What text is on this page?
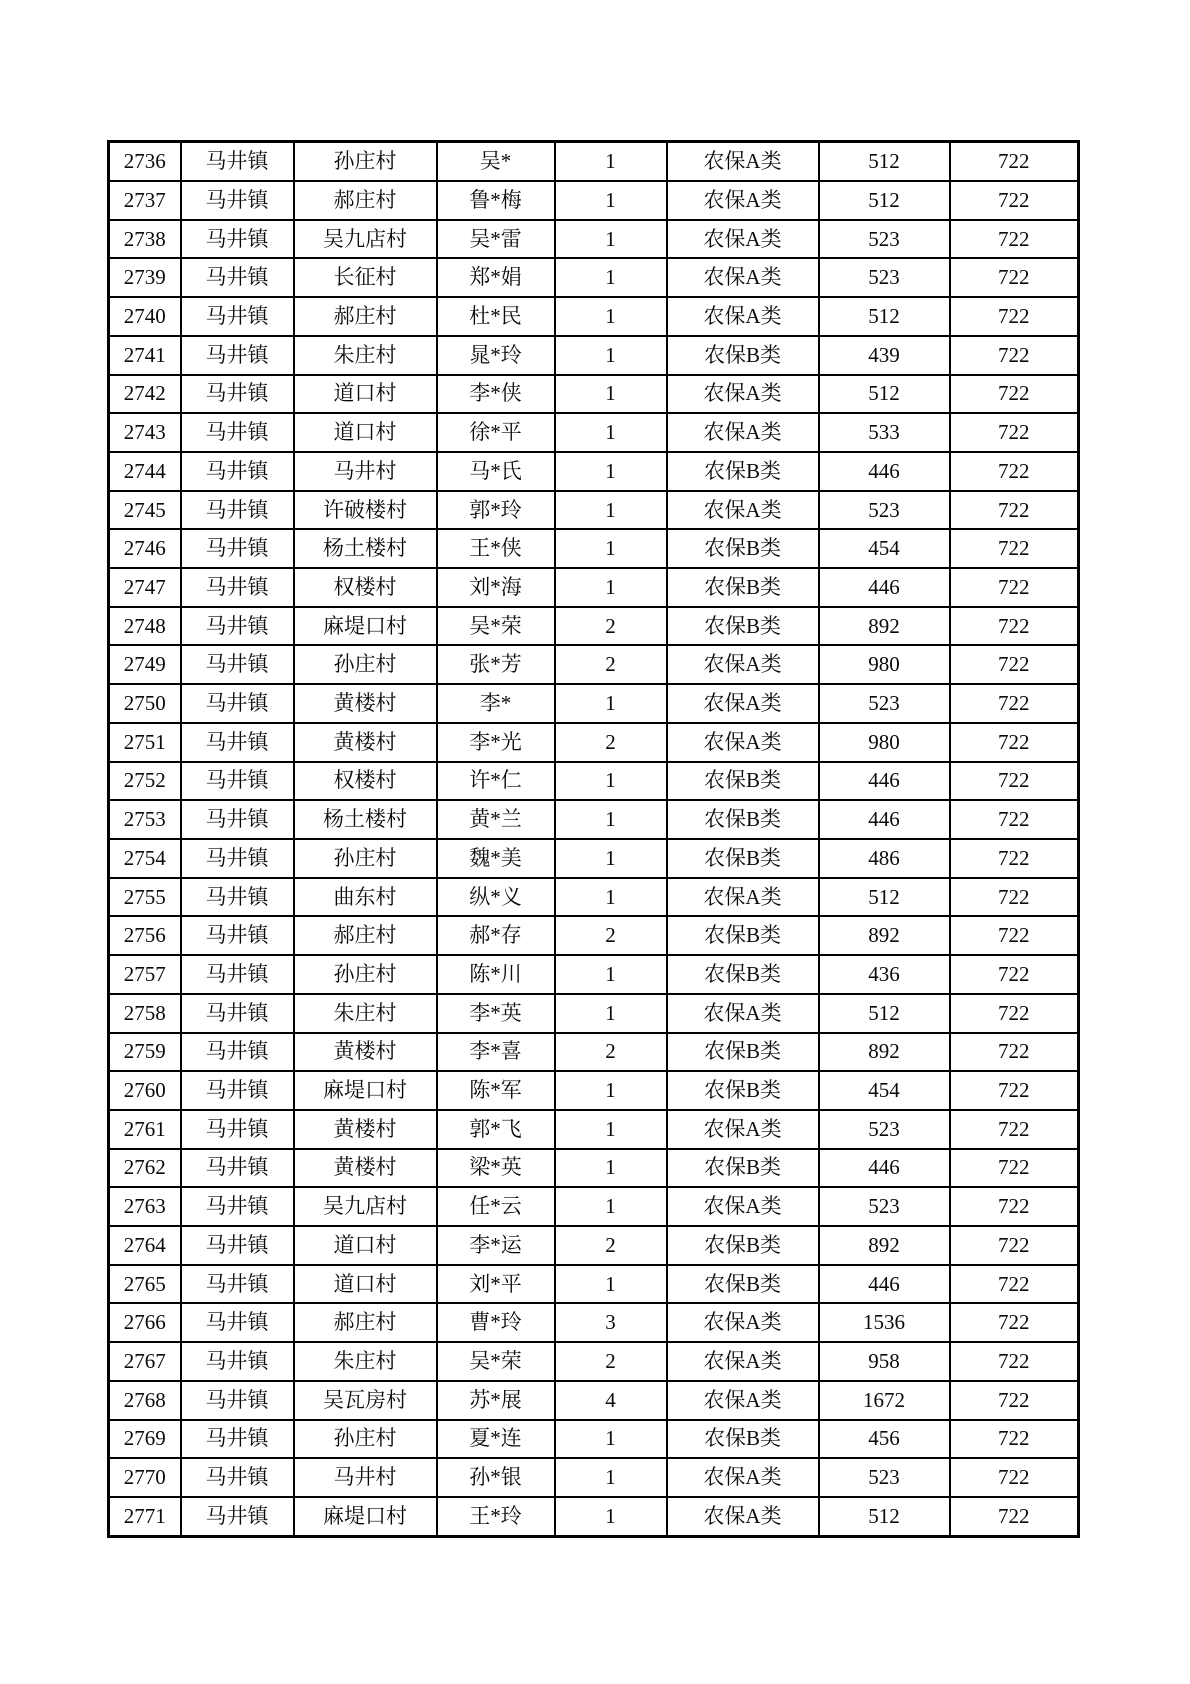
2736	马井镇	孙庄村	吴*	1	农保A类	512	722
2737	马井镇	郝庄村	鲁*梅	1	农保A类	512	722
2738	马井镇	吴九店村	吴*雷	1	农保A类	523	722
2739	马井镇	长征村	郑*娟	1	农保A类	523	722
2740	马井镇	郝庄村	杜*民	1	农保A类	512	722
2741	马井镇	朱庄村	晁*玲	1	农保B类	439	722
2742	马井镇	道口村	李*侠	1	农保A类	512	722
2743	马井镇	道口村	徐*平	1	农保A类	533	722
2744	马井镇	马井村	马*氏	1	农保B类	446	722
2745	马井镇	许破楼村	郭*玲	1	农保A类	523	722
2746	马井镇	杨土楼村	王*侠	1	农保B类	454	722
2747	马井镇	权楼村	刘*海	1	农保B类	446	722
2748	马井镇	麻堤口村	吴*荣	2	农保B类	892	722
2749	马井镇	孙庄村	张*芳	2	农保A类	980	722
2750	马井镇	黄楼村	李*	1	农保A类	523	722
2751	马井镇	黄楼村	李*光	2	农保A类	980	722
2752	马井镇	权楼村	许*仁	1	农保B类	446	722
2753	马井镇	杨土楼村	黄*兰	1	农保B类	446	722
2754	马井镇	孙庄村	魏*美	1	农保B类	486	722
2755	马井镇	曲东村	纵*义	1	农保A类	512	722
2756	马井镇	郝庄村	郝*存	2	农保B类	892	722
2757	马井镇	孙庄村	陈*川	1	农保B类	436	722
2758	马井镇	朱庄村	李*英	1	农保A类	512	722
2759	马井镇	黄楼村	李*喜	2	农保B类	892	722
2760	马井镇	麻堤口村	陈*军	1	农保B类	454	722
2761	马井镇	黄楼村	郭*飞	1	农保A类	523	722
2762	马井镇	黄楼村	梁*英	1	农保B类	446	722
2763	马井镇	吴九店村	任*云	1	农保A类	523	722
2764	马井镇	道口村	李*运	2	农保B类	892	722
2765	马井镇	道口村	刘*平	1	农保B类	446	722
2766	马井镇	郝庄村	曹*玲	3	农保A类	1536	722
2767	马井镇	朱庄村	吴*荣	2	农保A类	958	722
2768	马井镇	吴瓦房村	苏*展	4	农保A类	1672	722
2769	马井镇	孙庄村	夏*连	1	农保B类	456	722
2770	马井镇	马井村	孙*银	1	农保A类	523	722
2771	马井镇	麻堤口村	王*玲	1	农保A类	512	722
